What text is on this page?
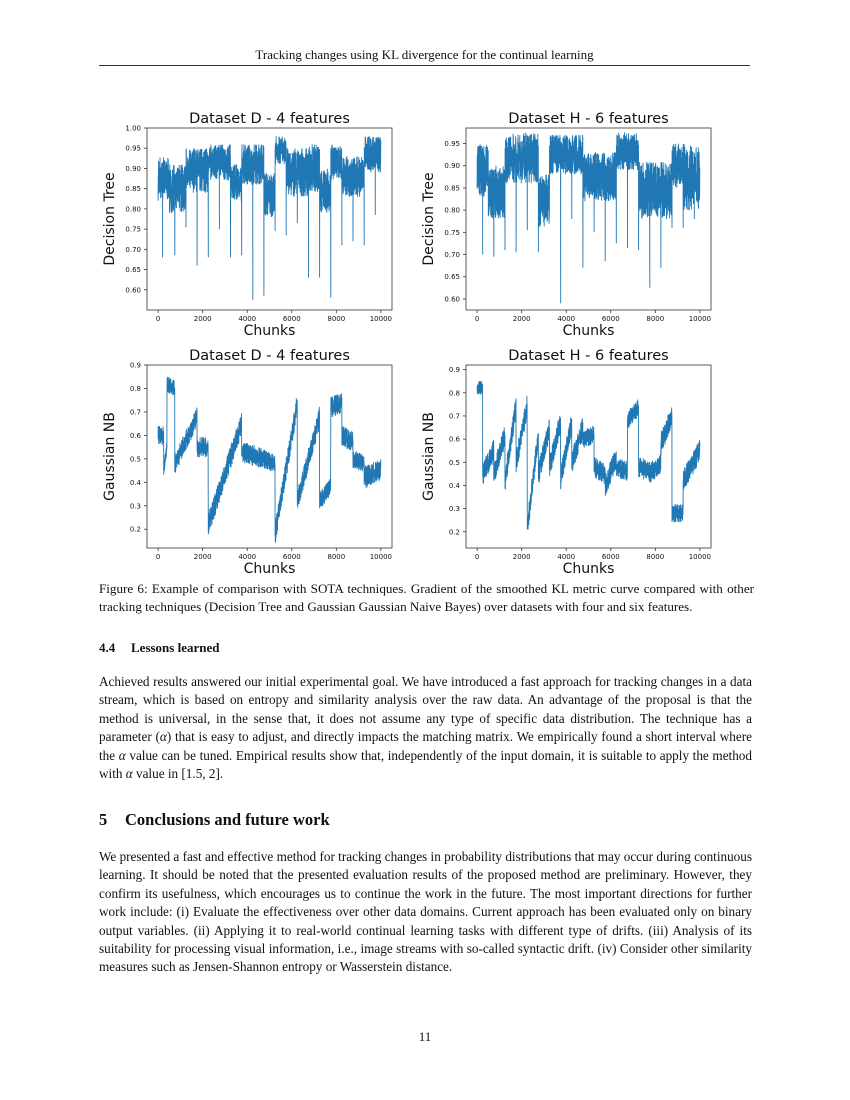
Tracking changes using KL divergence for the continual learning
Dataset D - 4 features
0	2000	4000	6000	8000	10000
0.60
0.65
0.70
0.75
0.80
0.85
0.90
0.95
1.00
Chunks
Decision Tree
Dataset H - 6 features
0	2000	4000	6000	8000	10000
0.60
0.65
0.70
0.75
0.80
0.85
0.90
0.95
Chunks
Decision Tree
Dataset D - 4 features
0	2000	4000	6000	8000	10000
0.2
0.3
0.4
0.5
0.6
0.7
0.8
0.9
Chunks
Gaussian NB
Dataset H - 6 features
0	2000	4000	6000	8000	10000
0.2
0.3
0.4
0.5
0.6
0.7
0.8
0.9
Chunks
Gaussian NB
Figure 6: Example of comparison with SOTA techniques. Gradient of the smoothed KL metric curve compared with other tracking techniques (Decision Tree and Gaussian Gaussian Naive Bayes) over datasets with four and six features.
4.4 Lessons learned
Achieved results answered our initial experimental goal. We have introduced a fast approach for tracking changes in a data stream, which is based on entropy and similarity analysis over the raw data. An advantage of the proposal is that the method is universal, in the sense that, it does not assume any type of specific data distribution. The technique has a parameter (α) that is easy to adjust, and directly impacts the matching matrix. We empirically found a short interval where the α value can be tuned. Empirical results show that, independently of the input domain, it is suitable to apply the method with α value in [1.5, 2].
5 Conclusions and future work
We presented a fast and effective method for tracking changes in probability distributions that may occur during continuous learning. It should be noted that the presented evaluation results of the proposed method are preliminary. However, they confirm its usefulness, which encourages us to continue the work in the future. The most important directions for further work include: (i) Evaluate the effectiveness over other data domains. Current approach has been evaluated only on binary output variables. (ii) Applying it to real-world continual learning tasks with different type of drifts. (iii) Analysis of its suitability for processing visual information, i.e., image streams with so-called syntactic drift. (iv) Consider other similarity measures such as Jensen-Shannon entropy or Wasserstein distance.
11
